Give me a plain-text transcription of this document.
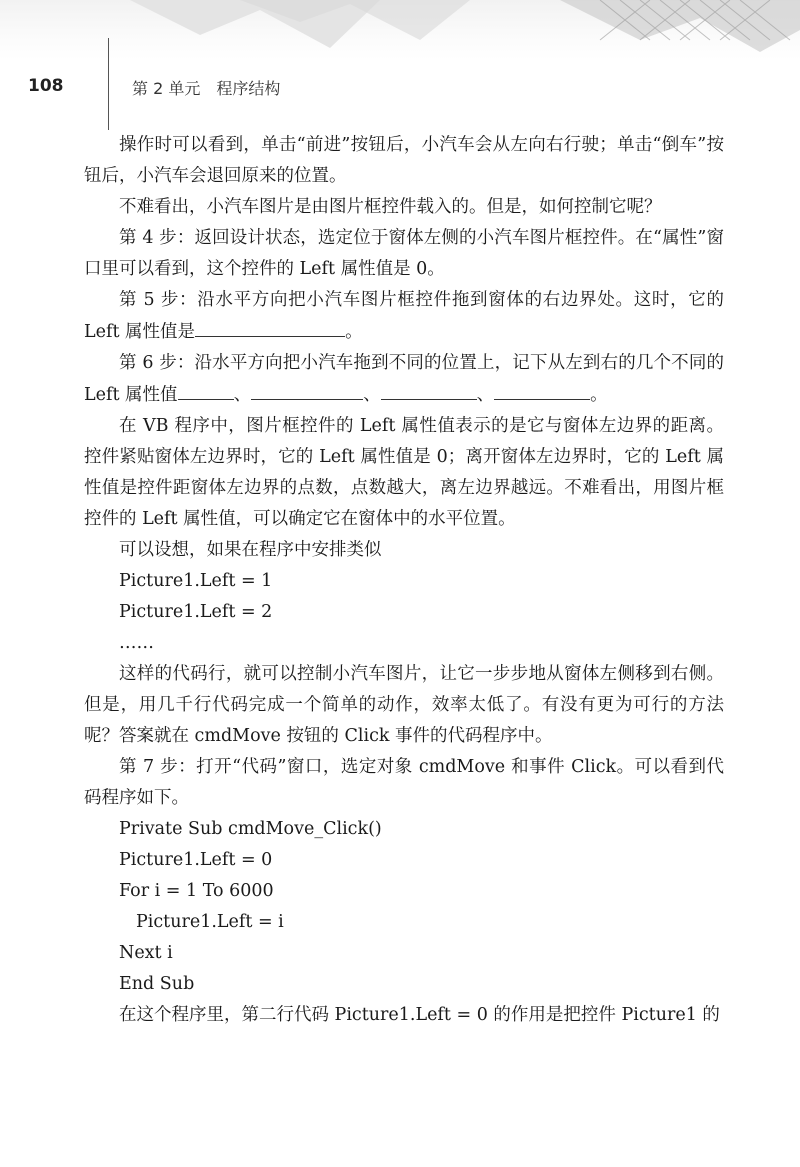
108	第 2 单元　程序结构

操作时可以看到，单击“前进”按钮后，小汽车会从左向右行驶；单击“倒车”按钮后，小汽车会退回原来的位置。

不难看出，小汽车图片是由图片框控件载入的。但是，如何控制它呢？

第 4 步：返回设计状态，选定位于窗体左侧的小汽车图片框控件。在“属性”窗口里可以看到，这个控件的 Left 属性值是 0。

第 5 步：沿水平方向把小汽车图片框控件拖到窗体的右边界处。这时，它的 Left 属性值是	。

第 6 步：沿水平方向把小汽车拖到不同的位置上，记下从左到右的几个不同的 Left 属性值	、	、	、	。

在 VB 程序中，图片框控件的 Left 属性值表示的是它与窗体左边界的距离。控件紧贴窗体左边界时，它的 Left 属性值是 0；离开窗体左边界时，它的 Left 属性值是控件距窗体左边界的点数，点数越大，离左边界越远。不难看出，用图片框控件的 Left 属性值，可以确定它在窗体中的水平位置。

可以设想，如果在程序中安排类似

Picture1.Left = 1

Picture1.Left = 2

……

这样的代码行，就可以控制小汽车图片，让它一步步地从窗体左侧移到右侧。但是，用几千行代码完成一个简单的动作，效率太低了。有没有更为可行的方法呢？答案就在 cmdMove 按钮的 Click 事件的代码程序中。

第 7 步：打开“代码”窗口，选定对象 cmdMove 和事件 Click。可以看到代码程序如下。

Private Sub cmdMove_Click()

Picture1.Left = 0

For i = 1 To 6000

Picture1.Left = i

Next i

End Sub

在这个程序里，第二行代码 Picture1.Left = 0 的作用是把控件 Picture1 的
